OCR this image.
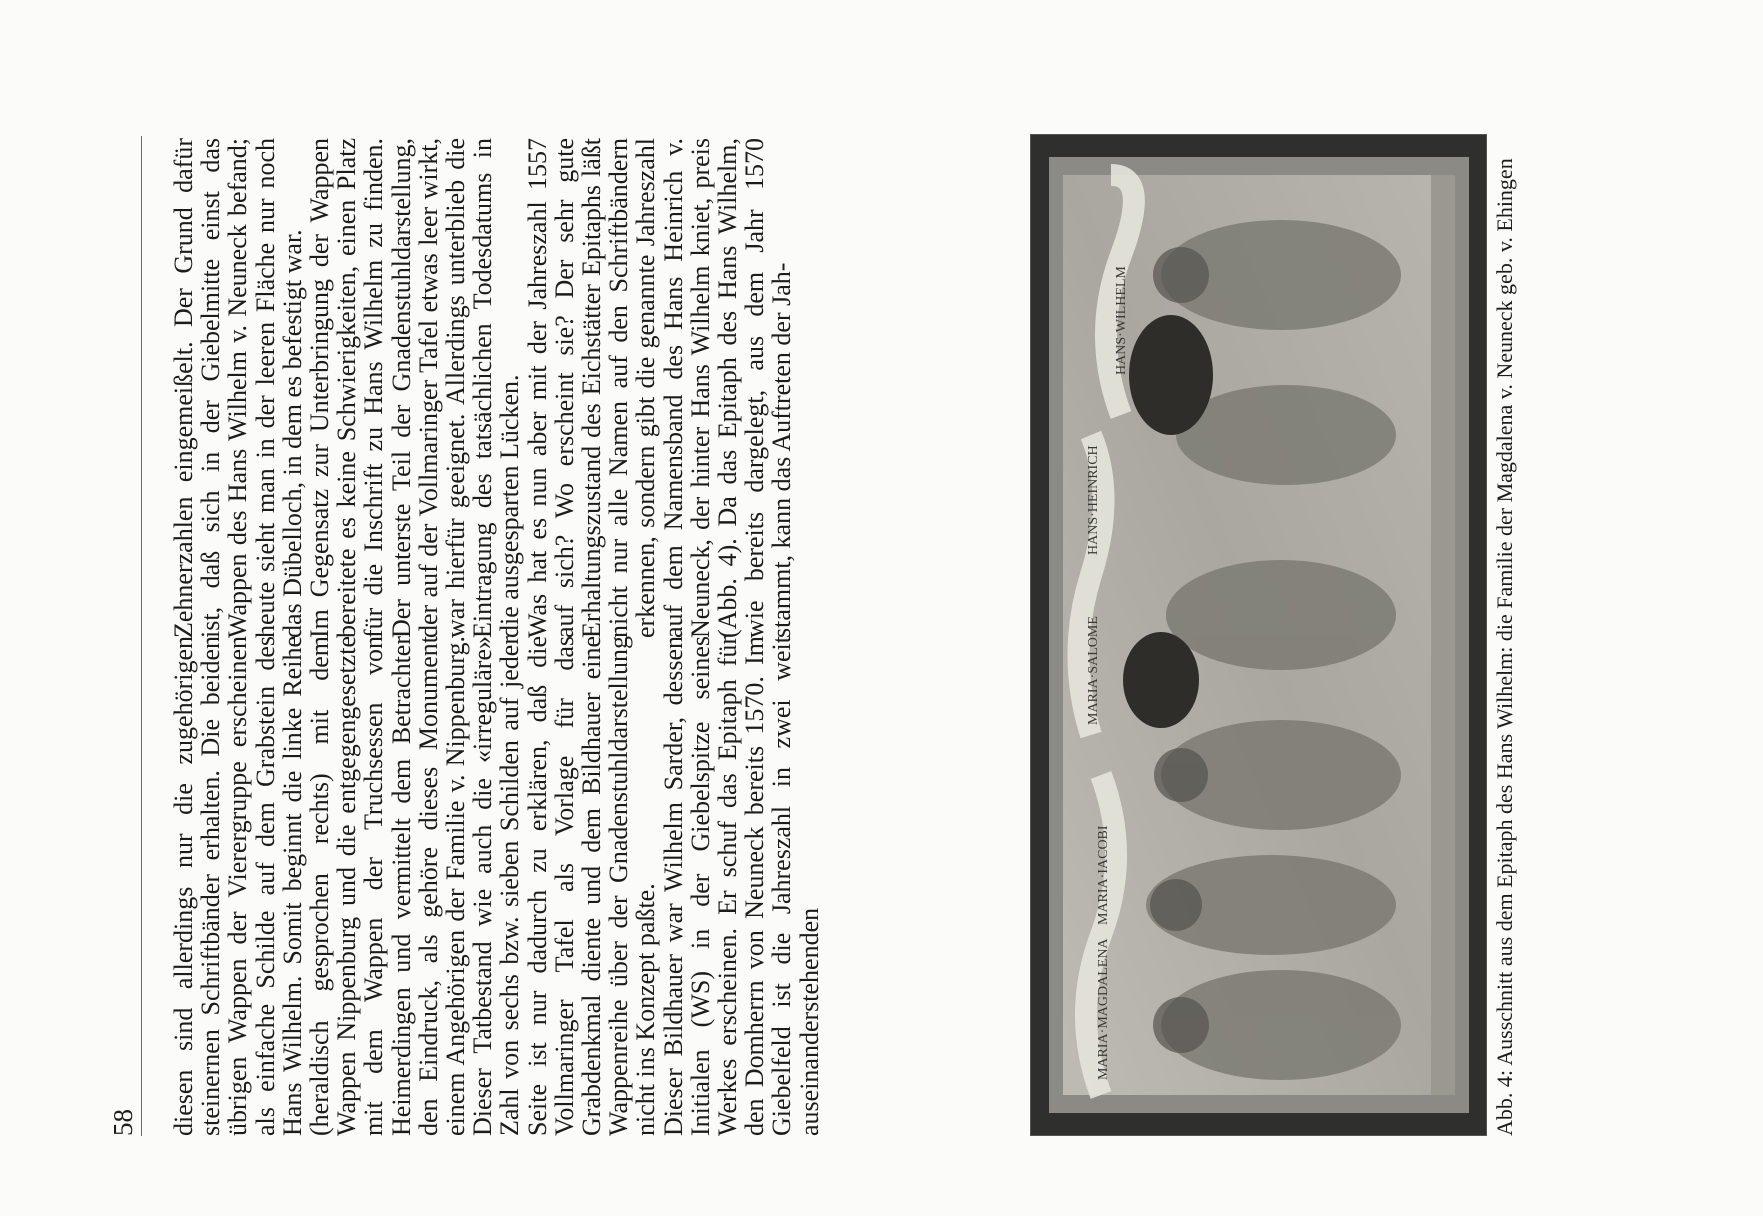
58 diesen sind allerdings nur die zugehörigen steinernen Schriftbänder erhalten. Die beiden übrigen Wappen der Vierergruppe erscheinen als einfache Schilde auf dem Grabstein des Hans Wilhelm. Somit beginnt die linke Reihe (heraldisch gesprochen rechts) mit dem Wappen Nippenburg und die entgegengesetzte mit dem Wappen der Truchsessen von Heimerdingen und vermittelt dem Betrachter den Eindruck, als gehöre dieses Monument einem Angehörigen der Familie v. Nippenburg. Dieser Tatbestand wie auch die «irreguläre» Zahl von sechs bzw. sieben Schilden auf jeder Seite ist nur dadurch zu erklären, daß die Vollmaringer Tafel als Vorlage für das Grabdenkmal diente und dem Bildhauer eine Wappenreihe über der Gnadenstuhldarstellung nicht ins Konzept paßte.

Dieser Bildhauer war Wilhelm Sarder, dessen Initialen (WS) in der Giebelspitze seines Werkes erscheinen. Er schuf das Epitaph für den Domherrn von Neuneck bereits 1570. Im Giebelfeld ist die Jahreszahl in zwei weit auseinanderstehenden

Zehnerzahlen eingemeißelt. Der Grund dafür ist, daß sich in der Giebelmitte einst das Wappen des Hans Wilhelm v. Neuneck befand; heute sieht man in der leeren Fläche nur noch das Dübelloch, in dem es befestigt war.

Im Gegensatz zur Unterbringung der Wappen bereitete es keine Schwierigkeiten, einen Platz für die Inschrift zu Hans Wilhelm zu finden. Der unterste Teil der Gnadenstuhldarstellung, der auf der Vollmaringer Tafel etwas leer wirkt, war hierfür geeignet. Allerdings unterblieb die Eintragung des tatsächlichen Todesdatums in die ausgesparten Lücken.

Was hat es nun aber mit der Jahreszahl 1557 auf sich? Wo erscheint sie? Der sehr gute Erhaltungszustand des Eichstätter Epitaphs läßt nicht nur alle Namen auf den Schriftbändern erkennen, sondern gibt die genannte Jahreszahl auf dem Namensband des Hans Heinrich v. Neuneck, der hinter Hans Wilhelm kniet, preis (Abb. 4). Da das Epitaph des Hans Wilhelm, wie bereits dargelegt, aus dem Jahr 1570 stammt, kann das Auftreten der Jah-

MARIA·MAGDALENA
MARIA·IACOBI
MARIA·SALOME
HANS·HEINRICH
HANS·WILHELM	Abb. 4: Ausschnitt aus dem Epitaph des Hans Wilhelm: die Familie der Magdalena v. Neuneck geb. v. Ehingen
